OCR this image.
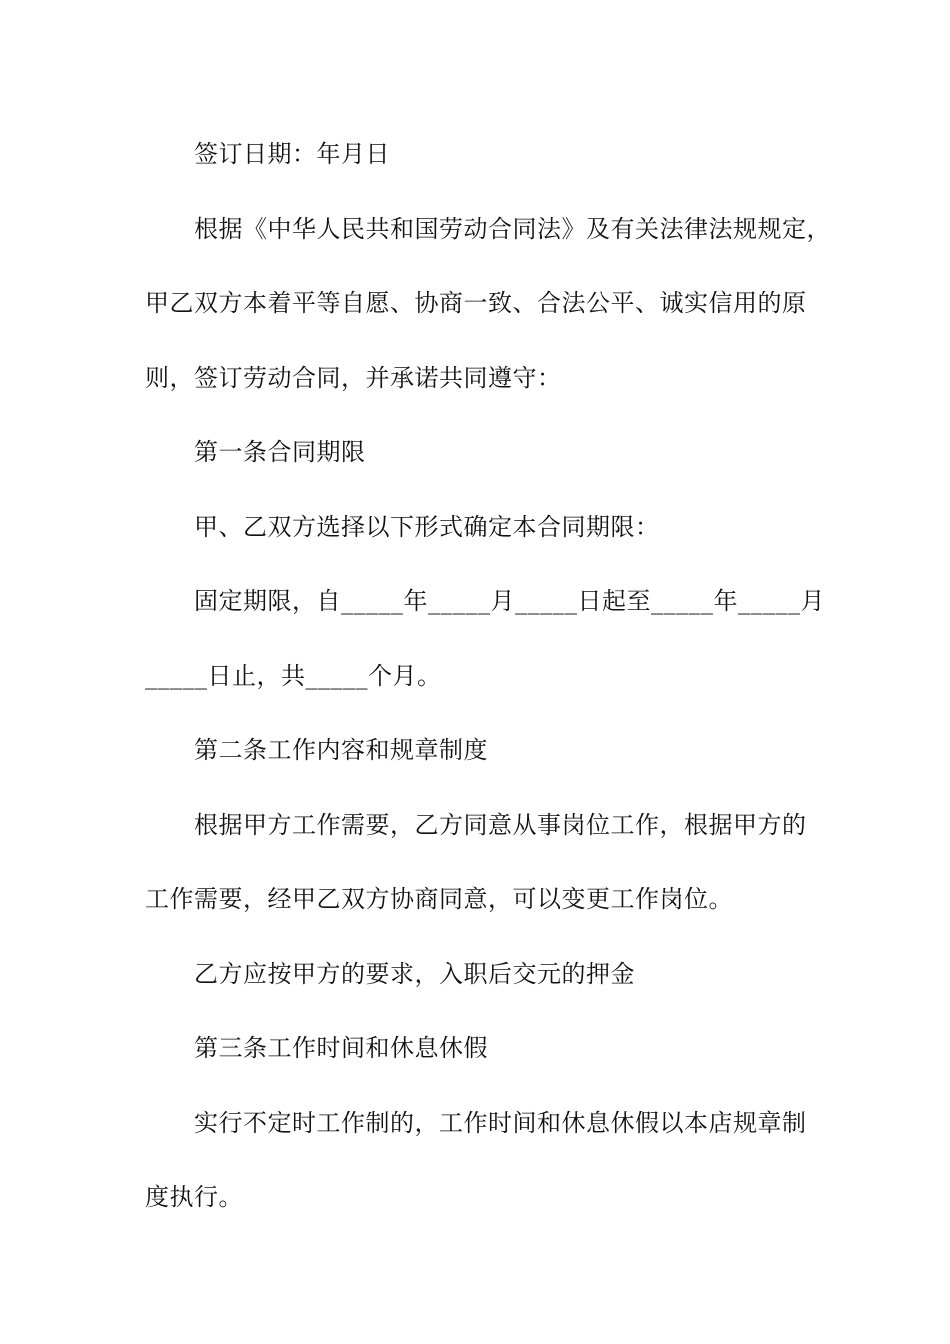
签订日期：年月日
根据《中华人民共和国劳动合同法》及有关法律法规规定，
甲乙双方本着平等自愿、协商一致、合法公平、诚实信用的原
则，签订劳动合同，并承诺共同遵守：
第一条合同期限
甲、乙双方选择以下形式确定本合同期限：
固定期限，自_____年_____月_____日起至_____年_____月
_____日止，共_____个月。
第二条工作内容和规章制度
根据甲方工作需要，乙方同意从事岗位工作，根据甲方的
工作需要，经甲乙双方协商同意，可以变更工作岗位。
乙方应按甲方的要求，入职后交元的押金
第三条工作时间和休息休假
实行不定时工作制的，工作时间和休息休假以本店规章制
度执行。
